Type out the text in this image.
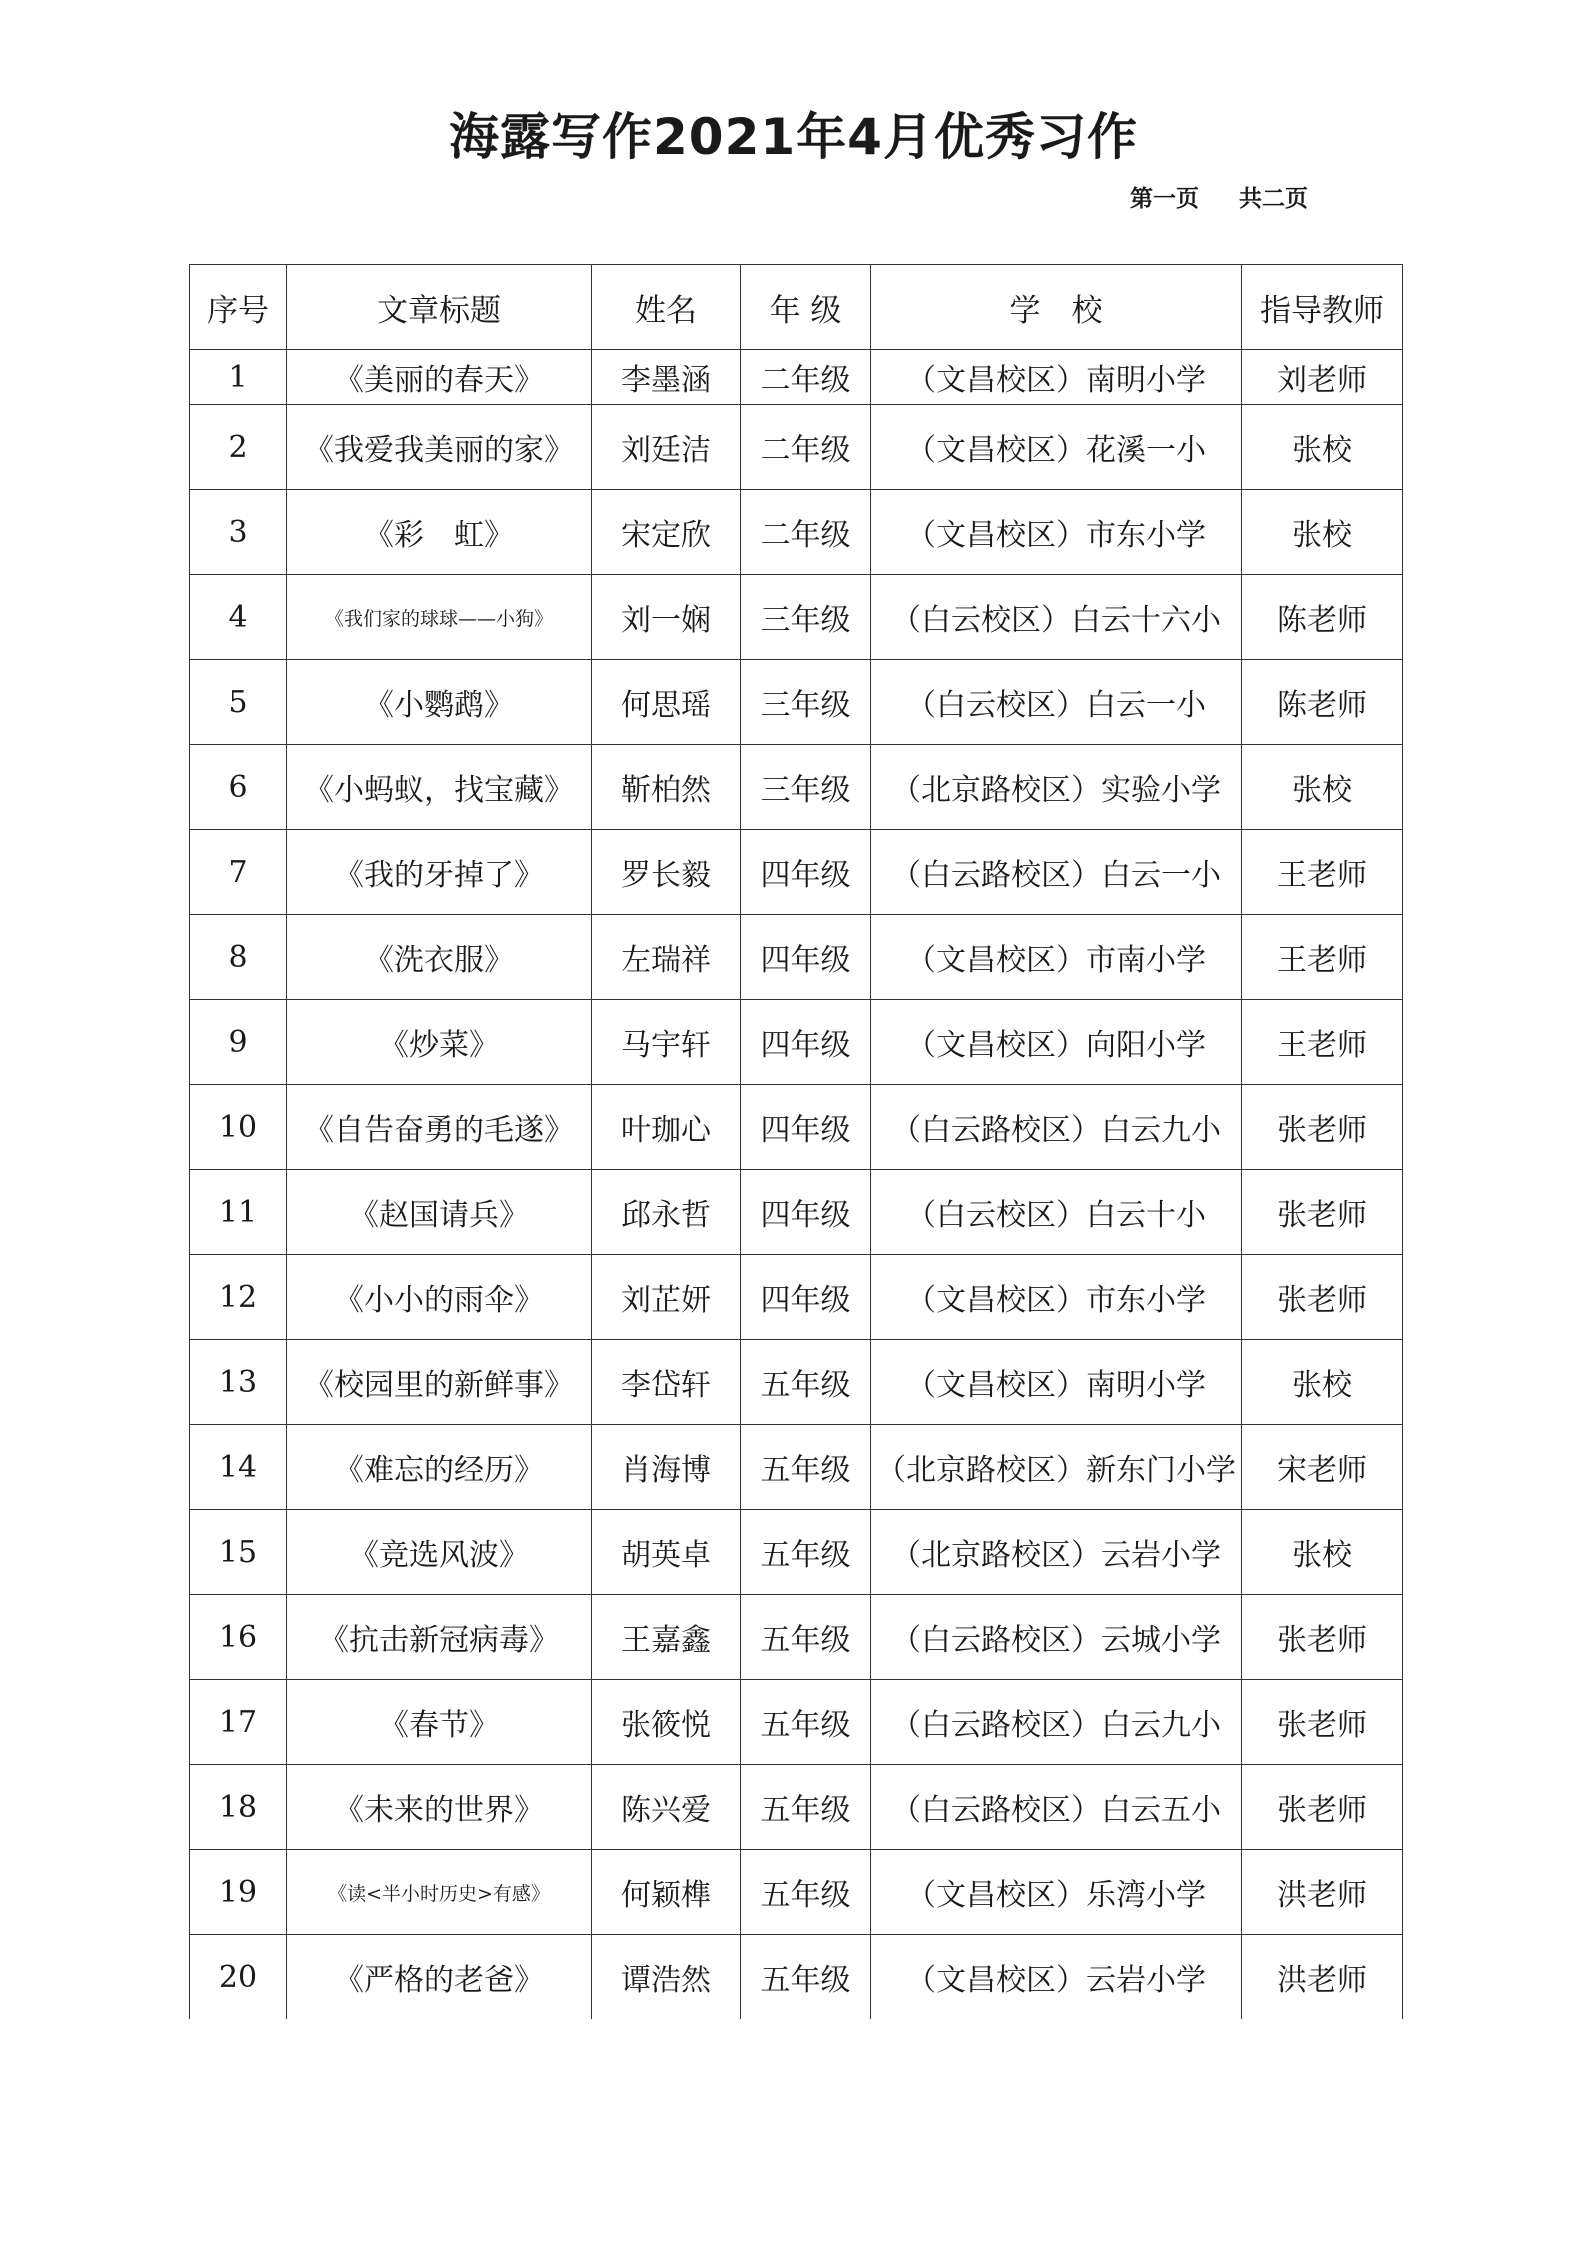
海露写作2021年4月优秀习作
第一页 共二页
序号	文章标题	姓名	年 级	学　校	指导教师
1	《美丽的春天》	李墨涵	二年级	（文昌校区）南明小学	刘老师
2	《我爱我美丽的家》	刘廷洁	二年级	（文昌校区）花溪一小	张校
3	《彩　虹》	宋定欣	二年级	（文昌校区）市东小学	张校
4	《我们家的球球——小狗》	刘一娴	三年级	（白云校区）白云十六小	陈老师
5	《小鹦鹉》	何思瑶	三年级	（白云校区）白云一小	陈老师
6	《小蚂蚁，找宝藏》	靳柏然	三年级	（北京路校区）实验小学	张校
7	《我的牙掉了》	罗长毅	四年级	（白云路校区）白云一小	王老师
8	《洗衣服》	左瑞祥	四年级	（文昌校区）市南小学	王老师
9	《炒菜》	马宇轩	四年级	（文昌校区）向阳小学	王老师
10	《自告奋勇的毛遂》	叶珈心	四年级	（白云路校区）白云九小	张老师
11	《赵国请兵》	邱永哲	四年级	（白云校区）白云十小	张老师
12	《小小的雨伞》	刘芷妍	四年级	（文昌校区）市东小学	张老师
13	《校园里的新鲜事》	李岱轩	五年级	（文昌校区）南明小学	张校
14	《难忘的经历》	肖海博	五年级	（北京路校区）新东门小学	宋老师
15	《竞选风波》	胡英卓	五年级	（北京路校区）云岩小学	张校
16	《抗击新冠病毒》	王嘉鑫	五年级	（白云路校区）云城小学	张老师
17	《春节》	张筱悦	五年级	（白云路校区）白云九小	张老师
18	《未来的世界》	陈兴爱	五年级	（白云路校区）白云五小	张老师
19	《读<半小时历史>有感》	何颖榫	五年级	（文昌校区）乐湾小学	洪老师
20	《严格的老爸》	谭浩然	五年级	（文昌校区）云岩小学	洪老师
